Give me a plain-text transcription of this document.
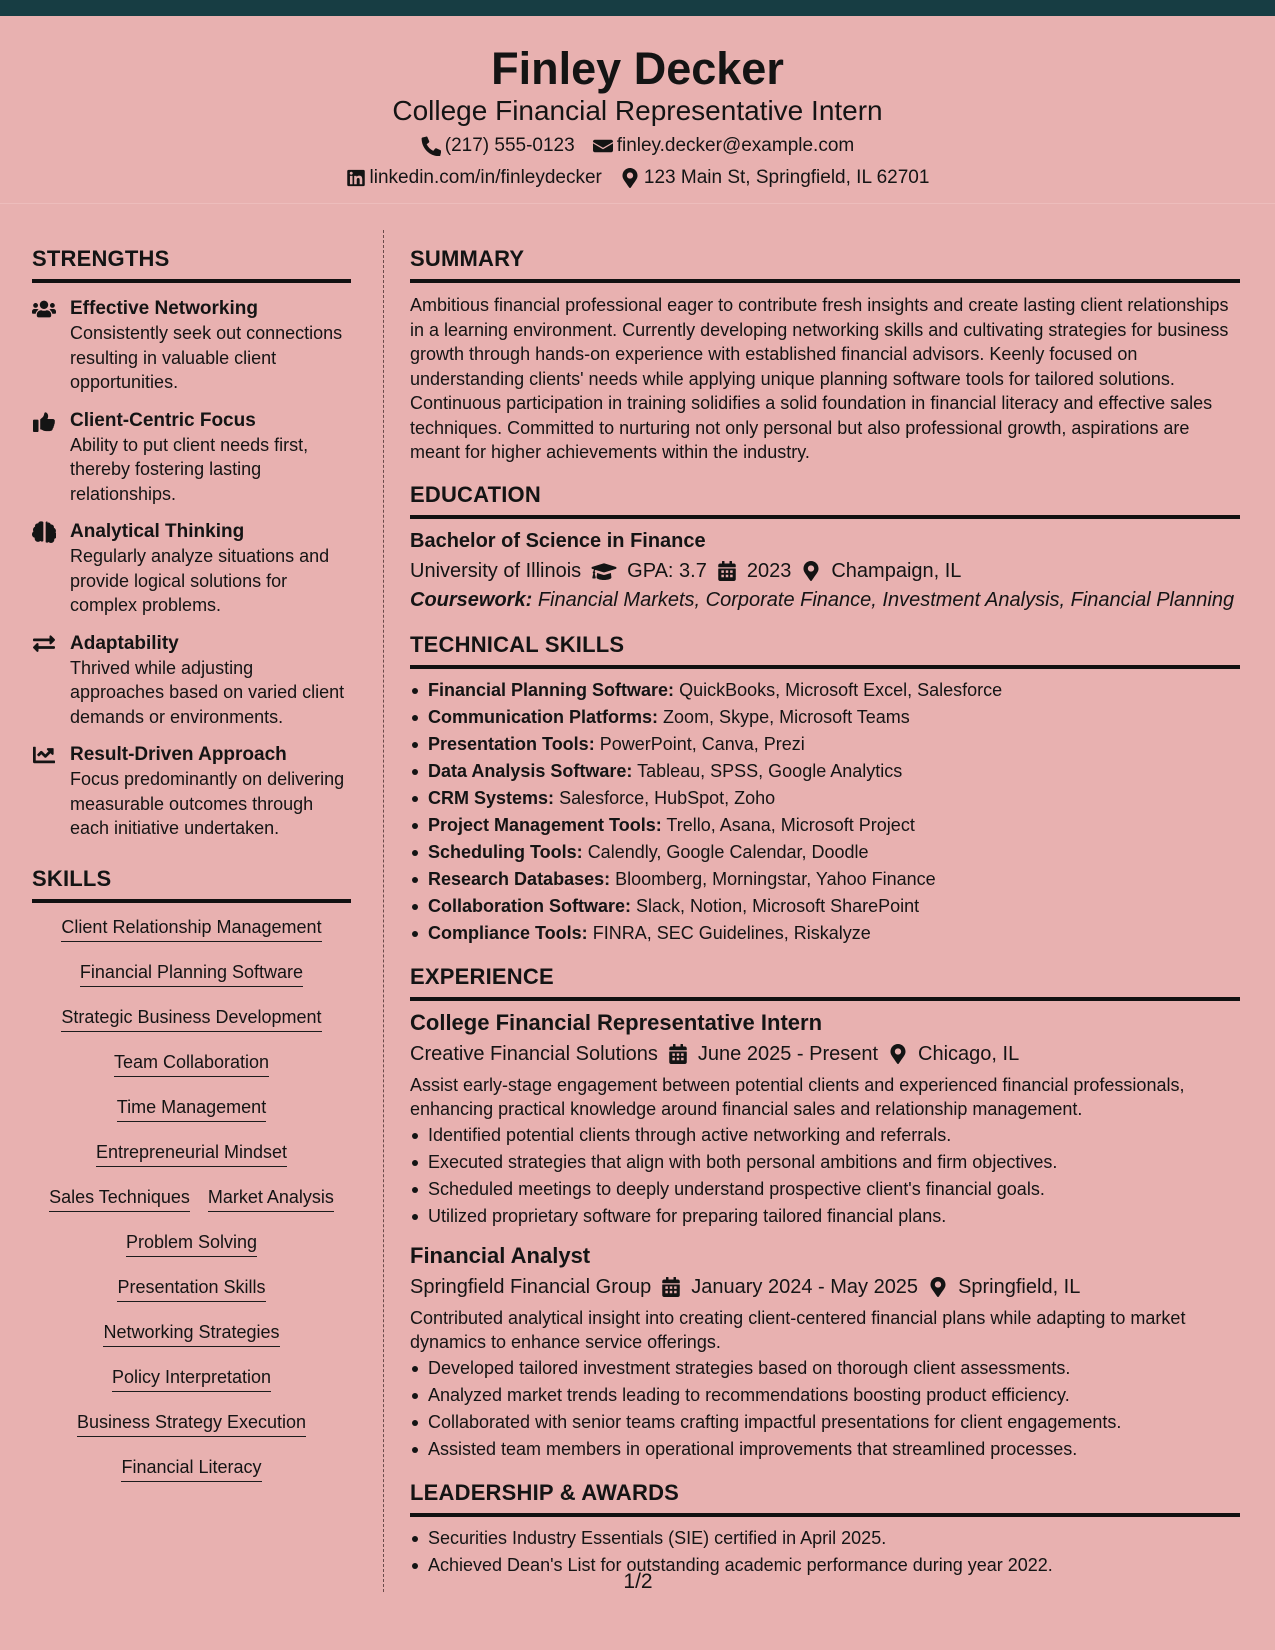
Finley Decker
College Financial Representative Intern
(217) 555-0123 finley.decker@example.com
linkedin.com/in/finleydecker 123 Main St, Springfield, IL 62701
STRENGTHS
Effective Networking
Consistently seek out connections resulting in valuable client opportunities.
Client-Centric Focus
Ability to put client needs first, thereby fostering lasting relationships.
Analytical Thinking
Regularly analyze situations and provide logical solutions for complex problems.
Adaptability
Thrived while adjusting approaches based on varied client demands or environments.
Result-Driven Approach
Focus predominantly on delivering measurable outcomes through each initiative undertaken.
SKILLS
Client Relationship Management
Financial Planning Software
Strategic Business Development
Team Collaboration
Time Management
Entrepreneurial Mindset
Sales Techniques Market Analysis
Problem Solving
Presentation Skills
Networking Strategies
Policy Interpretation
Business Strategy Execution
Financial Literacy
SUMMARY
Ambitious financial professional eager to contribute fresh insights and create lasting client relationships in a learning environment. Currently developing networking skills and cultivating strategies for business growth through hands-on experience with established financial advisors. Keenly focused on understanding clients' needs while applying unique planning software tools for tailored solutions. Continuous participation in training solidifies a solid foundation in financial literacy and effective sales techniques. Committed to nurturing not only personal but also professional growth, aspirations are meant for higher achievements within the industry.
EDUCATION
Bachelor of Science in Finance
University of Illinois GPA: 3.7 2023 Champaign, IL
Coursework: Financial Markets, Corporate Finance, Investment Analysis, Financial Planning
TECHNICAL SKILLS
Financial Planning Software: QuickBooks, Microsoft Excel, Salesforce
Communication Platforms: Zoom, Skype, Microsoft Teams
Presentation Tools: PowerPoint, Canva, Prezi
Data Analysis Software: Tableau, SPSS, Google Analytics
CRM Systems: Salesforce, HubSpot, Zoho
Project Management Tools: Trello, Asana, Microsoft Project
Scheduling Tools: Calendly, Google Calendar, Doodle
Research Databases: Bloomberg, Morningstar, Yahoo Finance
Collaboration Software: Slack, Notion, Microsoft SharePoint
Compliance Tools: FINRA, SEC Guidelines, Riskalyze
EXPERIENCE
College Financial Representative Intern
Creative Financial Solutions June 2025 - Present Chicago, IL
Assist early-stage engagement between potential clients and experienced financial professionals, enhancing practical knowledge around financial sales and relationship management.
Identified potential clients through active networking and referrals.
Executed strategies that align with both personal ambitions and firm objectives.
Scheduled meetings to deeply understand prospective client's financial goals.
Utilized proprietary software for preparing tailored financial plans.
Financial Analyst
Springfield Financial Group January 2024 - May 2025 Springfield, IL
Contributed analytical insight into creating client-centered financial plans while adapting to market dynamics to enhance service offerings.
Developed tailored investment strategies based on thorough client assessments.
Analyzed market trends leading to recommendations boosting product efficiency.
Collaborated with senior teams crafting impactful presentations for client engagements.
Assisted team members in operational improvements that streamlined processes.
LEADERSHIP & AWARDS
Securities Industry Essentials (SIE) certified in April 2025.
Achieved Dean's List for outstanding academic performance during year 2022.
1/2
